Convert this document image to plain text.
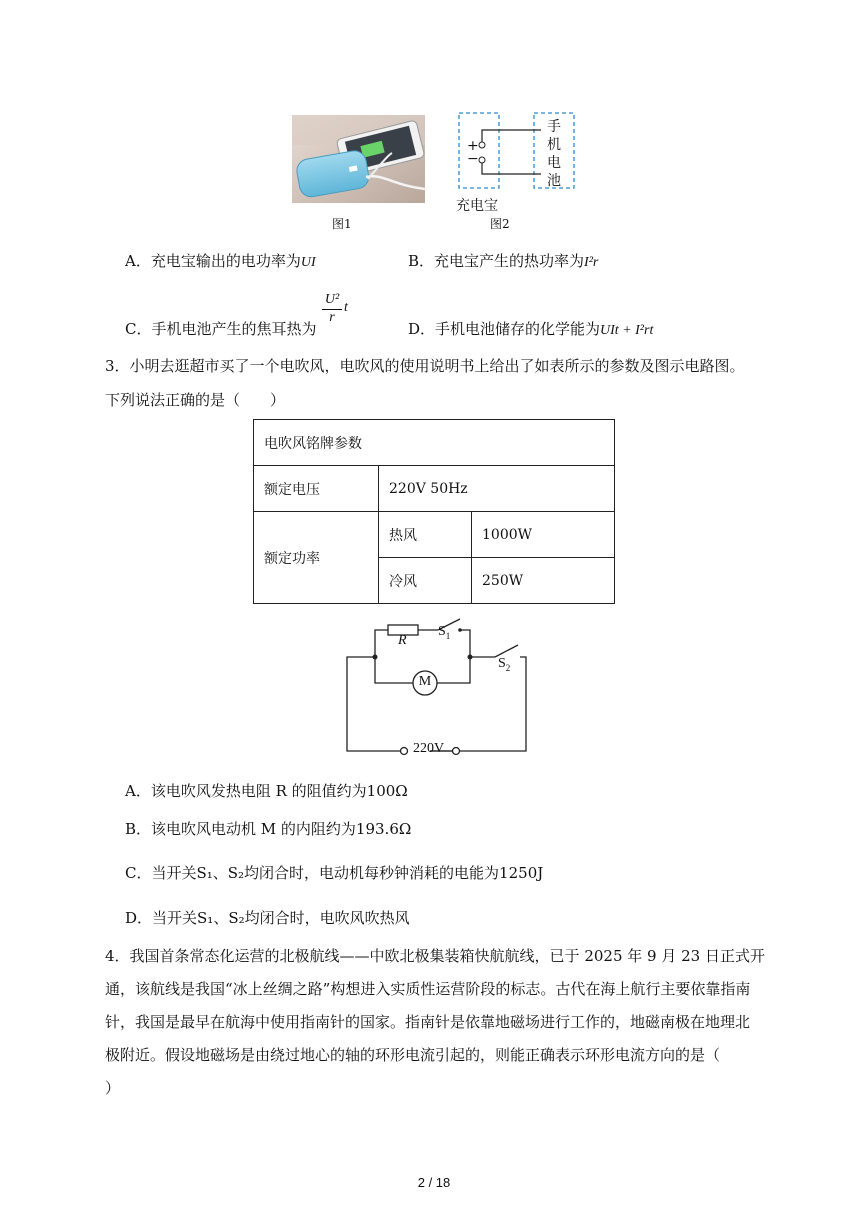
图1
+
−
手
机
电
池
充电宝
图2
A．充电宝输出的电功率为UI	B．充电宝产生的热功率为I²r
C．手机电池产生的焦耳热为
U²
r
t
D．手机电池储存的化学能为UIt + I²rt
3．小明去逛超市买了一个电吹风，电吹风的使用说明书上给出了如表所示的参数及图示电路图。
下列说法正确的是（　　）
电吹风铭牌参数		
额定电压	220V 50Hz	
额定功率	热风	1000W
	冷风	250W
R
$S_1$
$S_2$
M
220V
A．该电吹风发热电阻 R 的阻值约为100Ω
B．该电吹风电动机 M 的内阻约为193.6Ω
C．当开关S₁、S₂均闭合时，电动机每秒钟消耗的电能为1250J
D．当开关S₁、S₂均闭合时，电吹风吹热风
4．我国首条常态化运营的北极航线——中欧北极集装箱快航航线，已于 2025 年 9 月 23 日正式开
通，该航线是我国“冰上丝绸之路”构想进入实质性运营阶段的标志。古代在海上航行主要依靠指南
针，我国是最早在航海中使用指南针的国家。指南针是依靠地磁场进行工作的，地磁南极在地理北
极附近。假设地磁场是由绕过地心的轴的环形电流引起的，则能正确表示环形电流方向的是（
）
2 / 18
